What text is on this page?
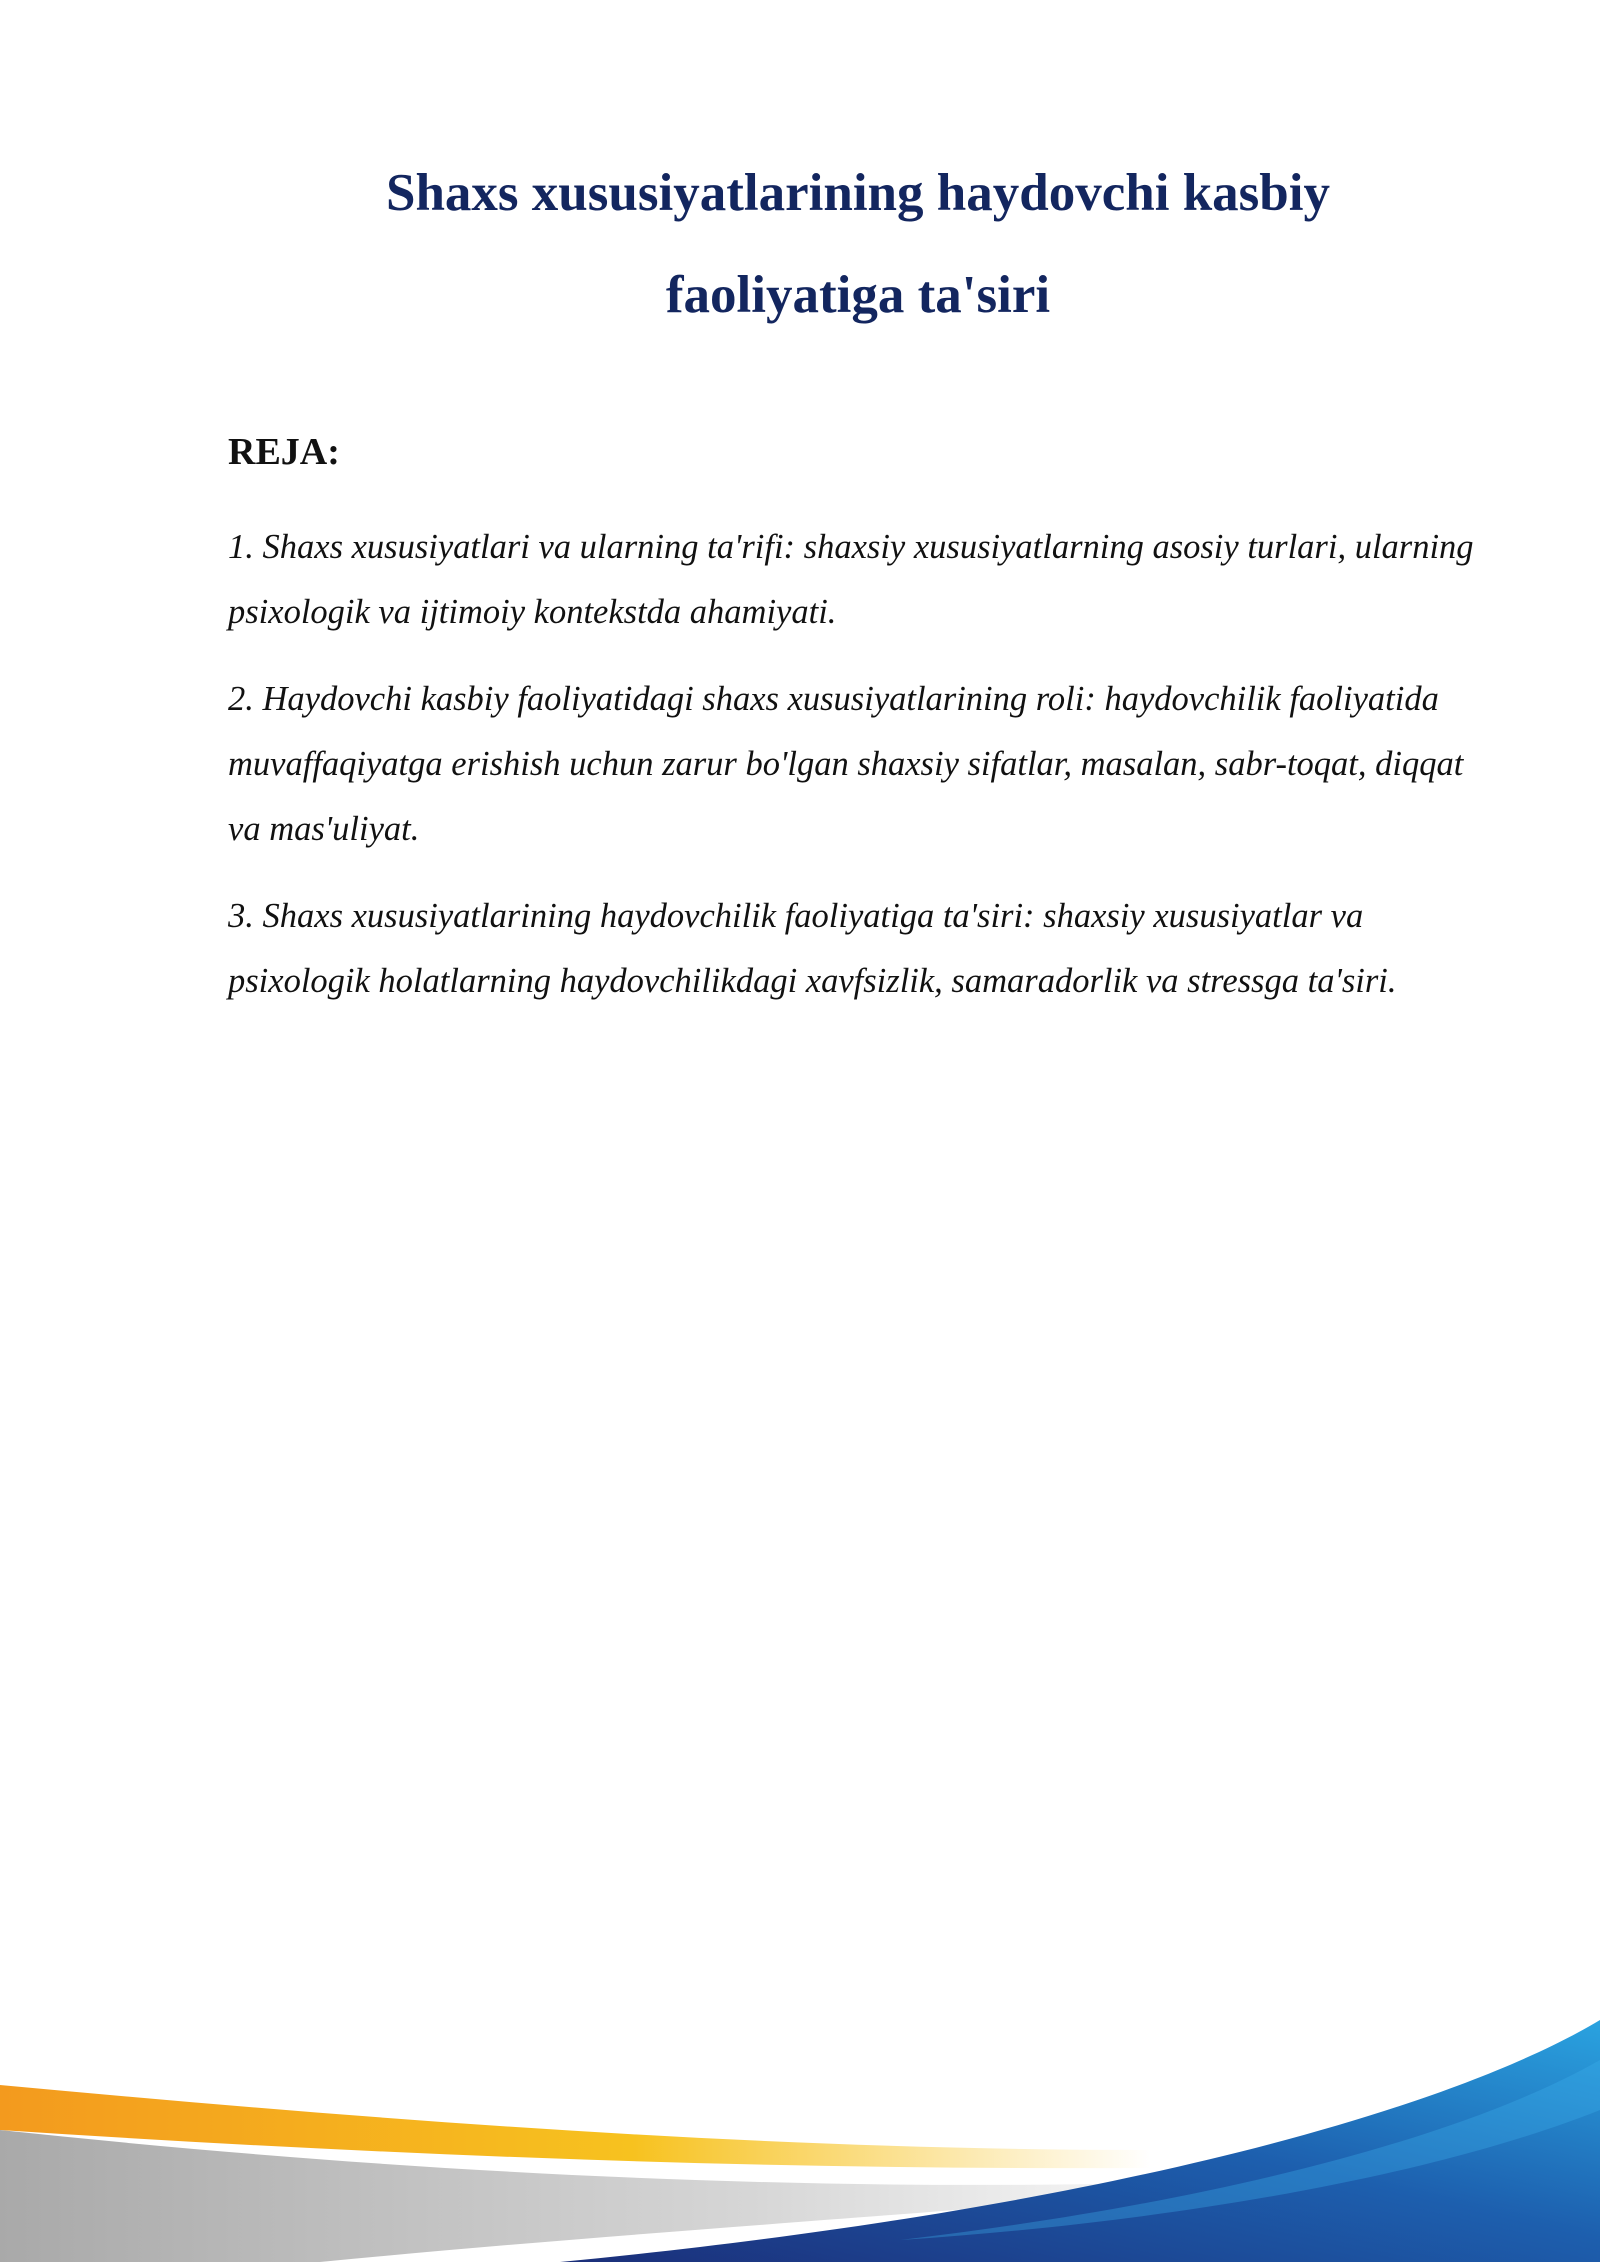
Shaxs xususiyatlarining haydovchi kasbiy
faoliyatiga ta'siri
REJA:
1. Shaxs xususiyatlari va ularning ta'rifi: shaxsiy xususiyatlarning asosiy turlari, ularning psixologik va ijtimoiy kontekstda ahamiyati.
2. Haydovchi kasbiy faoliyatidagi shaxs xususiyatlarining roli: haydovchilik faoliyatida muvaffaqiyatga erishish uchun zarur bo'lgan shaxsiy sifatlar, masalan, sabr-toqat, diqqat va mas'uliyat.
3. Shaxs xususiyatlarining haydovchilik faoliyatiga ta'siri: shaxsiy xususiyatlar va psixologik holatlarning haydovchilikdagi xavfsizlik, samaradorlik va stressga ta'siri.
